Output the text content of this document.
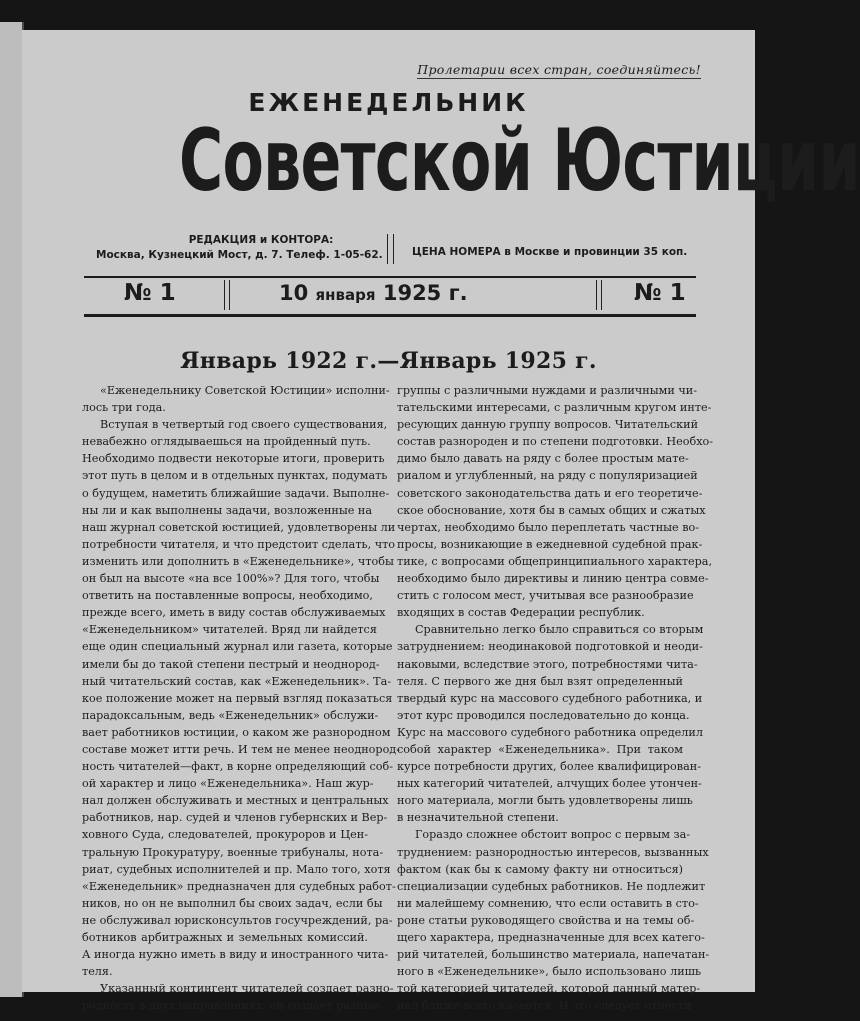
Пролетарии всех стран, соединяйтесь!
ЕЖЕНЕДЕЛЬНИК
Советской Юстиции
РЕДАКЦИЯ и КОНТОРА:
Москва, Кузнецкий Мост, д. 7. Телеф. 1-05-62.	ЦЕНА НОМЕРА в Москве и провинции 35 коп.
№ 1	10 января 1925 г.	№ 1
Январь 1922 г.—Январь 1925 г.
«Еженедельнику Советской Юстиции» исполни-
лось три года.
Вступая в четвертый год своего существования,
невабежно оглядываешься на пройденный путь.
Необходимо подвести некоторые итоги, проверить
этот путь в целом и в отдельных пунктах, подумать
о будущем, наметить ближайшие задачи. Выполне-
ны ли и как выполнены задачи, возложенные на
наш журнал советской юстицией, удовлетворены ли
потребности читателя, и что предстоит сделать, что
изменить или дополнить в «Еженедельнике», чтобы
он был на высоте «на все 100%»? Для того, чтобы
ответить на поставленные вопросы, необходимо,
прежде всего, иметь в виду состав обслуживаемых
«Еженедельником» читателей. Вряд ли найдется
еще один специальный журнал или газета, которые
имели бы до такой степени пестрый и неоднород-
ный читательский состав, как «Еженедельник». Та-
кое положение может на первый взгляд показаться
парадоксальным, ведь «Еженедельник» обслужи-
вает работников юстиции, о каком же разнородном
составе может итти речь. И тем не менее неоднород-
ность читателей—факт, в корне определяющий соб-
ой характер и лицо «Еженедельника». Наш жур-
нал должен обслуживать и местных и центральных
работников, нар. судей и членов губернских и Вер-
ховного Суда, следователей, прокуроров и Цен-
тральную Прокуратуру, военные трибуналы, нота-
риат, судебных исполнителей и пр. Мало того, хотя
«Еженедельник» предназначен для судебных работ-
ников, но он не выполнил бы своих задач, если бы
не обслуживал юрисконсультов госучреждений, ра-
ботников арбитражных и земельных комиссий.
А иногда нужно иметь в виду и иностранного чита-
теля.
Указанный контингент читателей создает разно-
родность в двух направлениях: он создает разные
группы с различными нуждами и различными чи-
тательскими интересами, с различным кругом инте-
ресующих данную группу вопросов. Читательский
состав разнороден и по степени подготовки. Необхо-
димо было давать на ряду с более простым мате-
риалом и углубленный, на ряду с популяризацией
советского законодательства дать и его теоретиче-
ское обоснование, хотя бы в самых общих и сжатых
чертах, необходимо было переплетать частные во-
просы, возникающие в ежедневной судебной прак-
тике, с вопросами общепринципиального характера,
необходимо было директивы и линию центра совме-
стить с голосом мест, учитывая все разнообразие
входящих в состав Федерации республик.
Сравнительно легко было справиться со вторым
затруднением: неодинаковой подготовкой и неоди-
наковыми, вследствие этого, потребностями чита-
теля. С первого же дня был взят определенный
твердый курс на массового судебного работника, и
этот курс проводился последовательно до конца.
Курс на массового судебного работника определил
собой характер «Еженедельника». При таком
курсе потребности других, более квалифицирован-
ных категорий читателей, алчущих более утончен-
ного материала, могли быть удовлетворены лишь
в незначительной степени.
Гораздо сложнее обстоит вопрос с первым за-
труднением: разнородностью интересов, вызванных
фактом (как бы к самому факту ни относиться)
специализации судебных работников. Не подлежит
ни малейшему сомнению, что если оставить в сто-
роне статьи руководящего свойства и на темы об-
щего характера, предназначенные для всех катего-
рий читателей, большинство материала, напечатан-
ного в «Еженедельнике», было использовано лишь
той категорией читателей, которой данный матер-
иал ближе всего касается. И это следует отнести
